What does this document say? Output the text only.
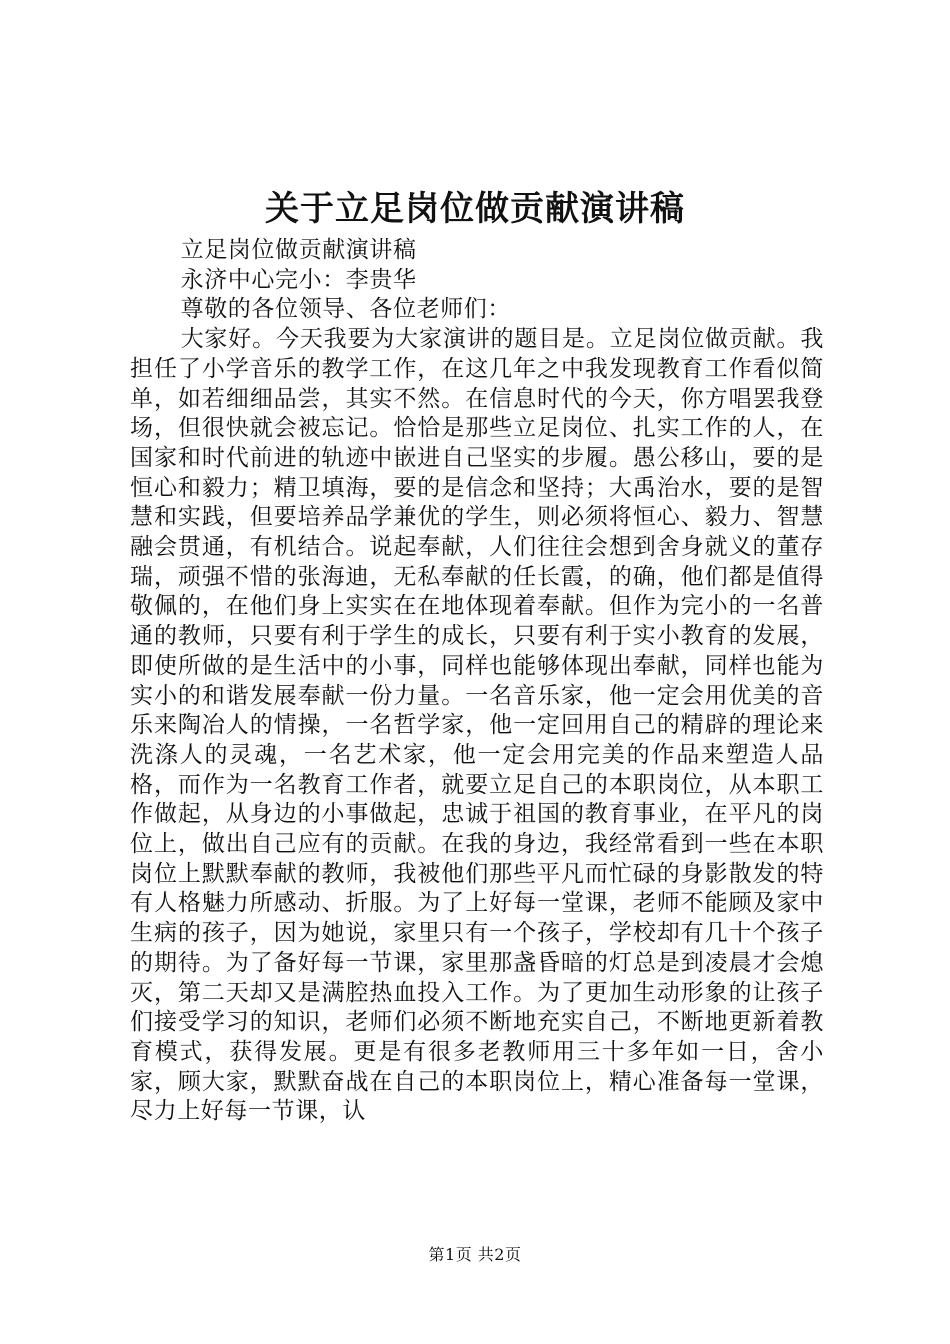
关于立足岗位做贡献演讲稿

立足岗位做贡献演讲稿

永济中心完小：李贵华

尊敬的各位领导、各位老师们：

大家好。今天我要为大家演讲的题目是。立足岗位做贡献。我担任了小学音乐的教学工作，在这几年之中我发现教育工作看似简单，如若细细品尝，其实不然。在信息时代的今天，你方唱罢我登场，但很快就会被忘记。恰恰是那些立足岗位、扎实工作的人，在国家和时代前进的轨迹中嵌进自己坚实的步履。愚公移山，要的是恒心和毅力；精卫填海，要的是信念和坚持；大禹治水，要的是智慧和实践，但要培养品学兼优的学生，则必须将恒心、毅力、智慧融会贯通，有机结合。说起奉献，人们往往会想到舍身就义的董存瑞，顽强不惜的张海迪，无私奉献的任长霞，的确，他们都是值得敬佩的，在他们身上实实在在地体现着奉献。但作为完小的一名普通的教师，只要有利于学生的成长，只要有利于实小教育的发展，即使所做的是生活中的小事，同样也能够体现出奉献，同样也能为实小的和谐发展奉献一份力量。一名音乐家，他一定会用优美的音乐来陶冶人的情操，一名哲学家，他一定回用自己的精辟的理论来洗涤人的灵魂，一名艺术家，他一定会用完美的作品来塑造人品格，而作为一名教育工作者，就要立足自己的本职岗位，从本职工作做起，从身边的小事做起，忠诚于祖国的教育事业，在平凡的岗位上，做出自己应有的贡献。在我的身边，我经常看到一些在本职岗位上默默奉献的教师，我被他们那些平凡而忙碌的身影散发的特有人格魅力所感动、折服。为了上好每一堂课，老师不能顾及家中生病的孩子，因为她说，家里只有一个孩子，学校却有几十个孩子的期待。为了备好每一节课，家里那盏昏暗的灯总是到凌晨才会熄灭，第二天却又是满腔热血投入工作。为了更加生动形象的让孩子们接受学习的知识，老师们必须不断地充实自己，不断地更新着教育模式，获得发展。更是有很多老教师用三十多年如一日，舍小家，顾大家，默默奋战在自己的本职岗位上，精心准备每一堂课，尽力上好每一节课，认

第1页 共2页
